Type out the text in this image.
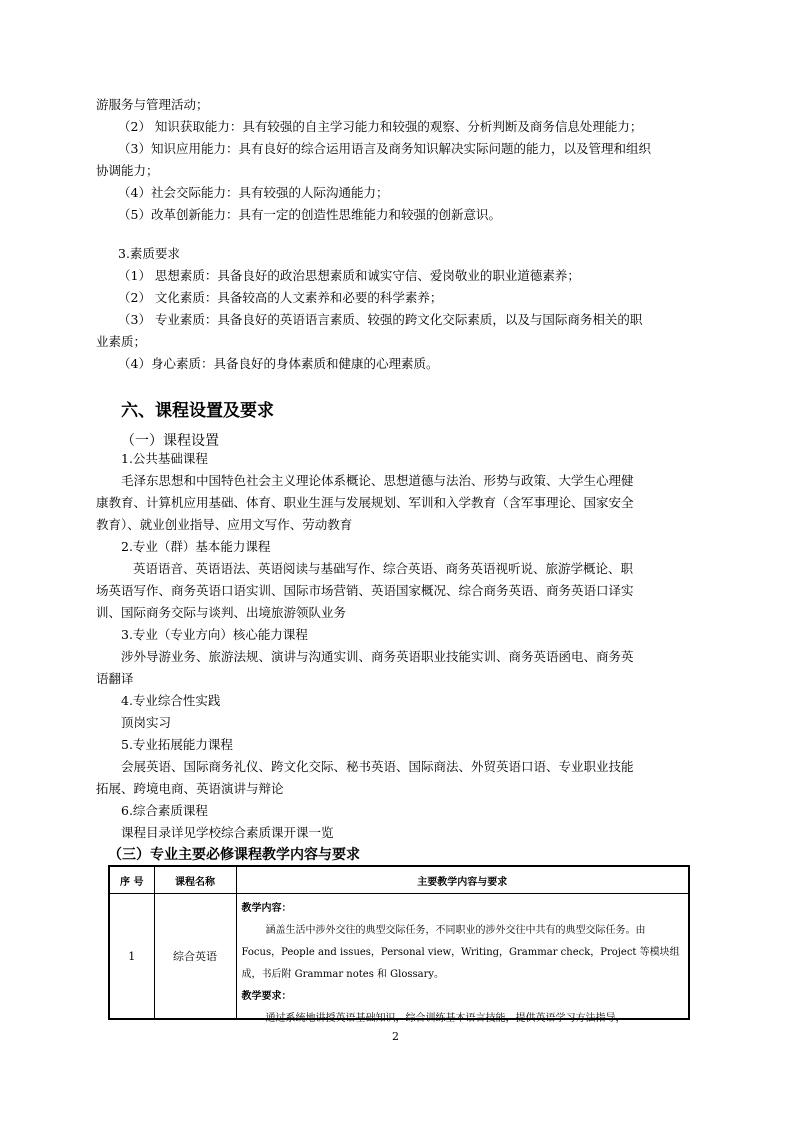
游服务与管理活动；
（2） 知识获取能力：具有较强的自主学习能力和较强的观察、分析判断及商务信息处理能力；
（3）知识应用能力：具有良好的综合运用语言及商务知识解决实际问题的能力，以及管理和组织
协调能力；
（4）社会交际能力：具有较强的人际沟通能力；
（5）改革创新能力：具有一定的创造性思维能力和较强的创新意识。
3.素质要求
（1） 思想素质：具备良好的政治思想素质和诚实守信、爱岗敬业的职业道德素养；
（2） 文化素质：具备较高的人文素养和必要的科学素养；
（3） 专业素质：具备良好的英语语言素质、较强的跨文化交际素质，以及与国际商务相关的职
业素质；
（4）身心素质：具备良好的身体素质和健康的心理素质。
六、课程设置及要求
（一）课程设置
1.公共基础课程
毛泽东思想和中国特色社会主义理论体系概论、思想道德与法治、形势与政策、大学生心理健
康教育、计算机应用基础、体育、职业生涯与发展规划、军训和入学教育（含军事理论、国家安全
教育）、就业创业指导、应用文写作、劳动教育
2.专业（群）基本能力课程
英语语音、英语语法、英语阅读与基础写作、综合英语、商务英语视听说、旅游学概论、职
场英语写作、商务英语口语实训、国际市场营销、英语国家概况、综合商务英语、商务英语口译实
训、国际商务交际与谈判、出境旅游领队业务
3.专业（专业方向）核心能力课程
涉外导游业务、旅游法规、演讲与沟通实训、商务英语职业技能实训、商务英语函电、商务英
语翻译
4.专业综合性实践
顶岗实习
5.专业拓展能力课程
会展英语、国际商务礼仪、跨文化交际、秘书英语、国际商法、外贸英语口语、专业职业技能
拓展、跨境电商、英语演讲与辩论
6.综合素质课程
课程目录详见学校综合素质课开课一览
（三）专业主要必修课程教学内容与要求
序 号	课程名称	主要教学内容与要求
1	综合英语	教学内容：
涵盖生活中涉外交往的典型交际任务，不同职业的涉外交往中共有的典型交际任务。由 Focus，People and issues，Personal view，Writing，Grammar check，Project 等模块组成，书后附 Grammar notes 和 Glossary。
教学要求：
通过系统地讲授英语基础知识，综合训练基本语言技能，提供英语学习方法指导，
2
